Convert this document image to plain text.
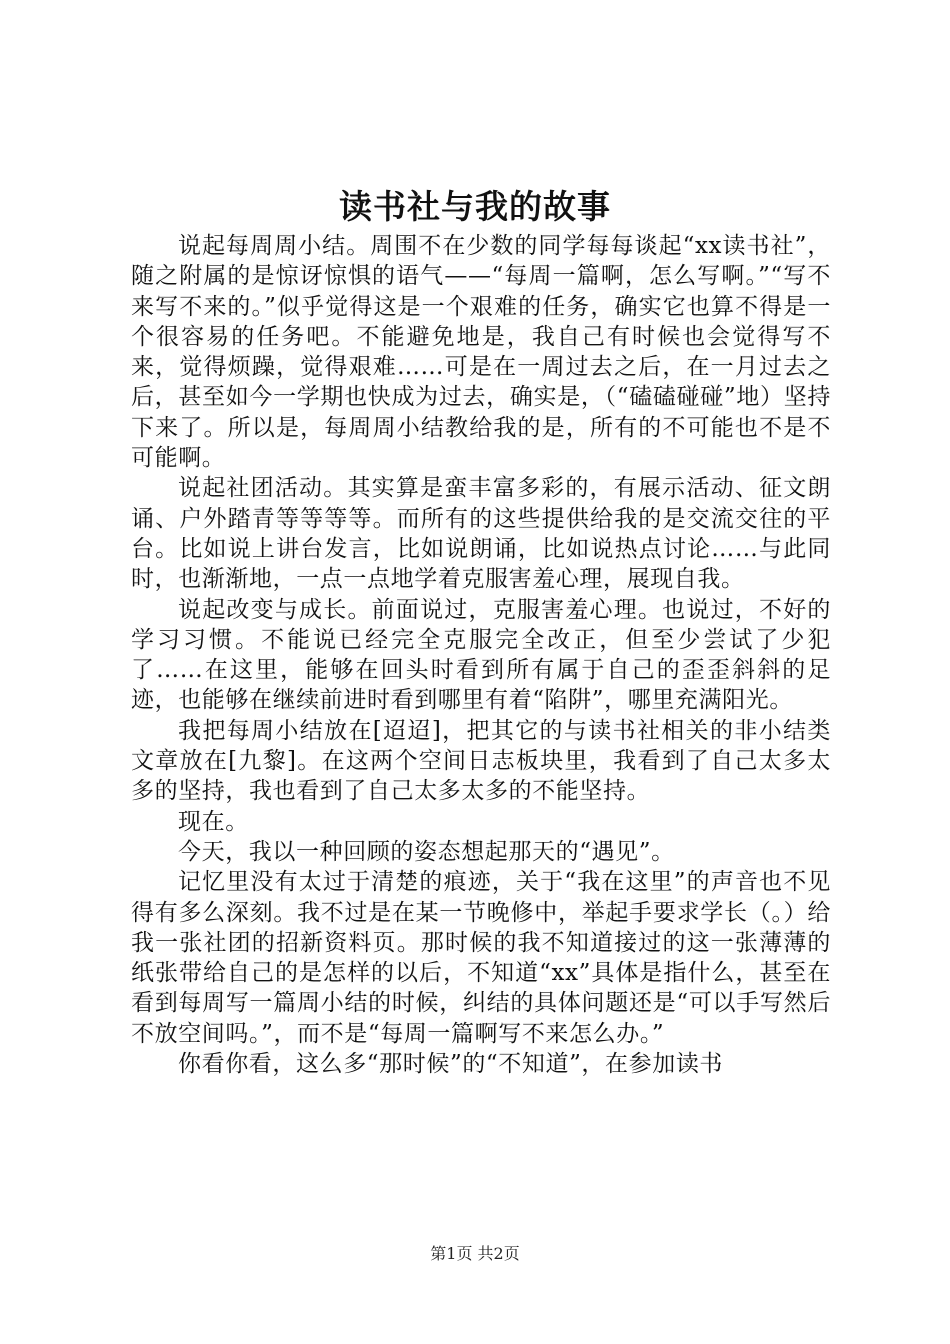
读书社与我的故事

说起每周周小结。周围不在少数的同学每每谈起“xx读书社”，随之附属的是惊讶惊惧的语气——“每周一篇啊，怎么写啊。”“写不来写不来的。”似乎觉得这是一个艰难的任务，确实它也算不得是一个很容易的任务吧。不能避免地是，我自己有时候也会觉得写不来，觉得烦躁，觉得艰难……可是在一周过去之后，在一月过去之后，甚至如今一学期也快成为过去，确实是，（“磕磕碰碰”地）坚持下来了。所以是，每周周小结教给我的是，所有的不可能也不是不可能啊。

说起社团活动。其实算是蛮丰富多彩的，有展示活动、征文朗诵、户外踏青等等等等。而所有的这些提供给我的是交流交往的平台。比如说上讲台发言，比如说朗诵，比如说热点讨论……与此同时，也渐渐地，一点一点地学着克服害羞心理，展现自我。

说起改变与成长。前面说过，克服害羞心理。也说过，不好的学习习惯。不能说已经完全克服完全改正，但至少尝试了少犯了……在这里，能够在回头时看到所有属于自己的歪歪斜斜的足迹，也能够在继续前进时看到哪里有着“陷阱”，哪里充满阳光。

我把每周小结放在[迢迢]，把其它的与读书社相关的非小结类文章放在[九黎]。在这两个空间日志板块里，我看到了自己太多太多的坚持，我也看到了自己太多太多的不能坚持。

现在。

今天，我以一种回顾的姿态想起那天的“遇见”。

记忆里没有太过于清楚的痕迹，关于“我在这里”的声音也不见得有多么深刻。我不过是在某一节晚修中，举起手要求学长（。）给我一张社团的招新资料页。那时候的我不知道接过的这一张薄薄的纸张带给自己的是怎样的以后，不知道“xx”具体是指什么，甚至在看到每周写一篇周小结的时候，纠结的具体问题还是“可以手写然后不放空间吗。”，而不是“每周一篇啊写不来怎么办。”

你看你看，这么多“那时候”的“不知道”，在参加读书

第1页 共2页
